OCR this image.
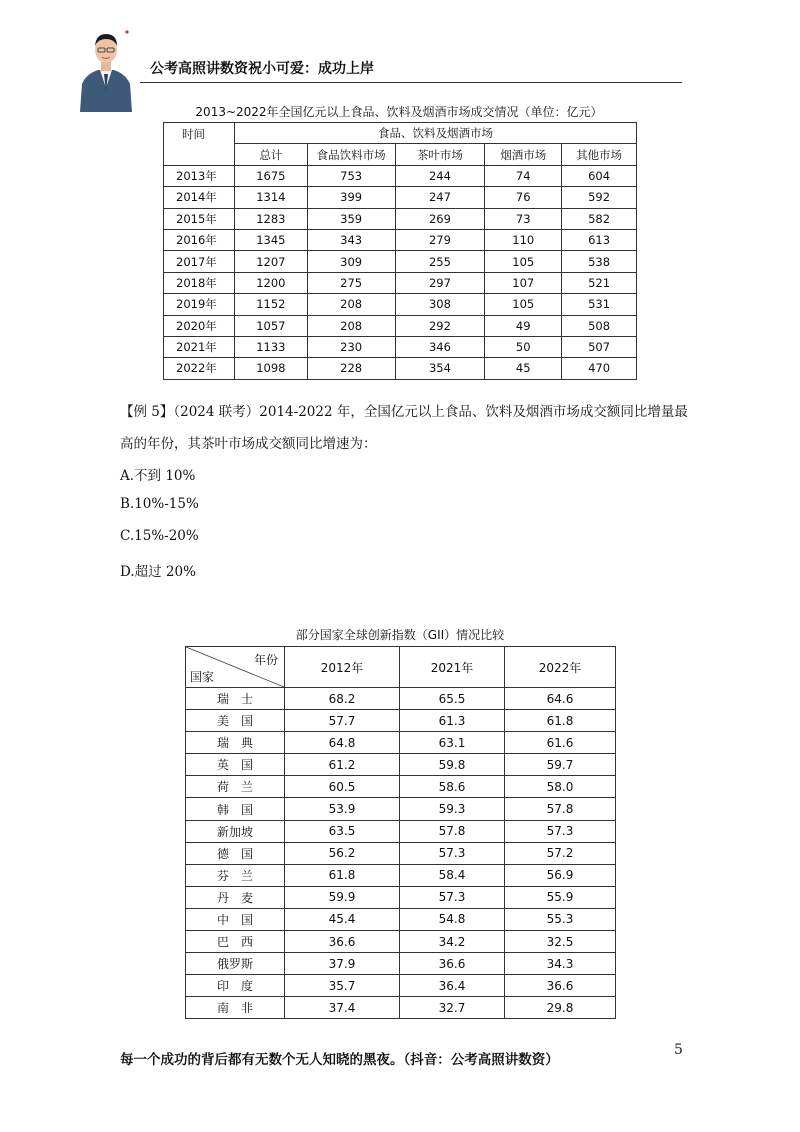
公考高照讲数资祝小可爱：成功上岸
2013~2022年全国亿元以上食品、饮料及烟酒市场成交情况（单位：亿元）
时间	食品、饮料及烟酒市场				
	总计	食品饮料市场	茶叶市场	烟酒市场	其他市场
2013年	1675	753	244	74	604
2014年	1314	399	247	76	592
2015年	1283	359	269	73	582
2016年	1345	343	279	110	613
2017年	1207	309	255	105	538
2018年	1200	275	297	107	521
2019年	1152	208	308	105	531
2020年	1057	208	292	49	508
2021年	1133	230	346	50	507
2022年	1098	228	354	45	470
【例 5】（2024 联考）2014-2022 年，全国亿元以上食品、饮料及烟酒市场成交额同比增量最
高的年份，其茶叶市场成交额同比增速为：
A.不到 10%
B.10%-15%
C.15%-20%
D.超过 20%
部分国家全球创新指数（GII）情况比较
年份
国家	2012年	2021年	2022年
瑞　士	68.2	65.5	64.6
美　国	57.7	61.3	61.8
瑞　典	64.8	63.1	61.6
英　国	61.2	59.8	59.7
荷　兰	60.5	58.6	58.0
韩　国	53.9	59.3	57.8
新加坡	63.5	57.8	57.3
德　国	56.2	57.3	57.2
芬　兰	61.8	58.4	56.9
丹　麦	59.9	57.3	55.9
中　国	45.4	54.8	55.3
巴　西	36.6	34.2	32.5
俄罗斯	37.9	36.6	34.3
印　度	35.7	36.4	36.6
南　非	37.4	32.7	29.8
每一个成功的背后都有无数个无人知晓的黑夜。（抖音：公考高照讲数资）
5
